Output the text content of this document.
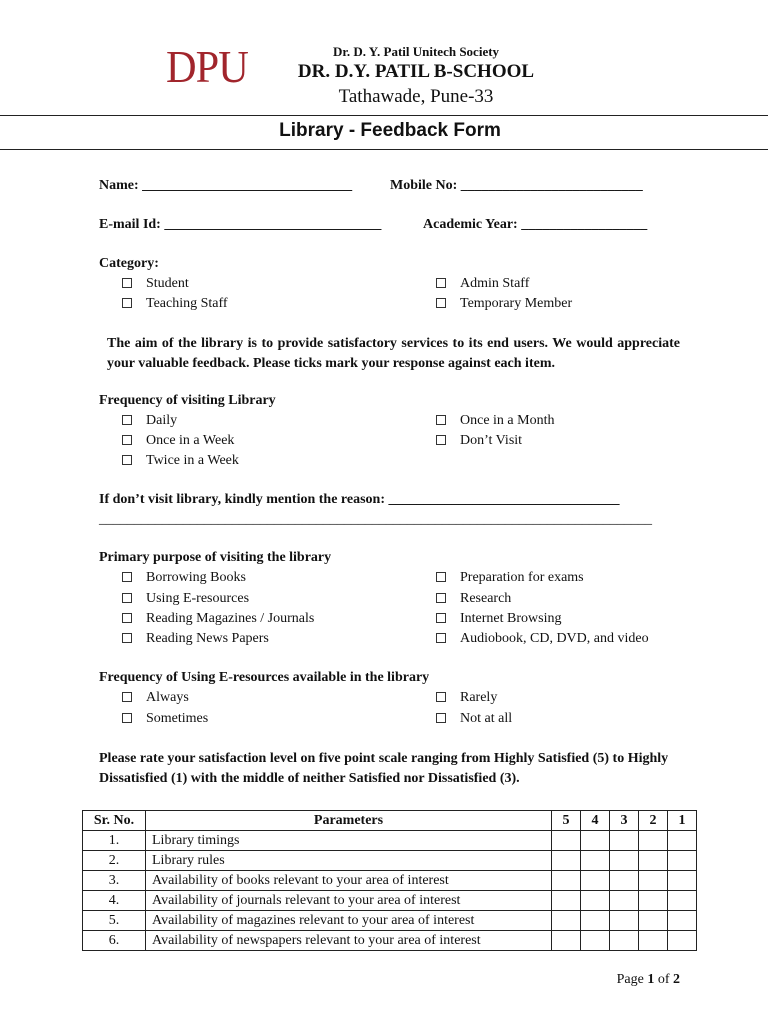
DPU	Dr. D. Y. Patil Unitech Society
DR. D.Y. PATIL B-SCHOOL
Tathawade, Pune-33
Library - Feedback Form
Name: ______________________________	Mobile No: __________________________
E-mail Id: _______________________________	Academic Year: __________________
Category:
Student
Teaching Staff
Admin Staff
Temporary Member
The aim of the library is to provide satisfactory services to its end users. We would appreciate your valuable feedback. Please ticks mark your response against each item.
Frequency of visiting Library
Daily
Once in a Week
Twice in a Week
Once in a Month
Don’t Visit
If don’t visit library, kindly mention the reason: _________________________________
_______________________________________________________________________________
Primary purpose of visiting the library
Borrowing Books
Using E-resources
Reading Magazines / Journals
Reading News Papers
Preparation for exams
Research
Internet Browsing
Audiobook, CD, DVD, and video
Frequency of Using E-resources available in the library
Always
Sometimes
Rarely
Not at all
Please rate your satisfaction level on five point scale ranging from Highly Satisfied (5) to Highly Dissatisfied (1) with the middle of neither Satisfied nor Dissatisfied (3).
Sr. No.	Parameters	5	4	3	2	1
1.	Library timings					
2.	Library rules					
3.	Availability of books relevant to your area of interest					
4.	Availability of journals relevant to your area of interest					
5.	Availability of magazines relevant to your area of interest					
6.	Availability of newspapers relevant to your area of interest					
Page 1 of 2
